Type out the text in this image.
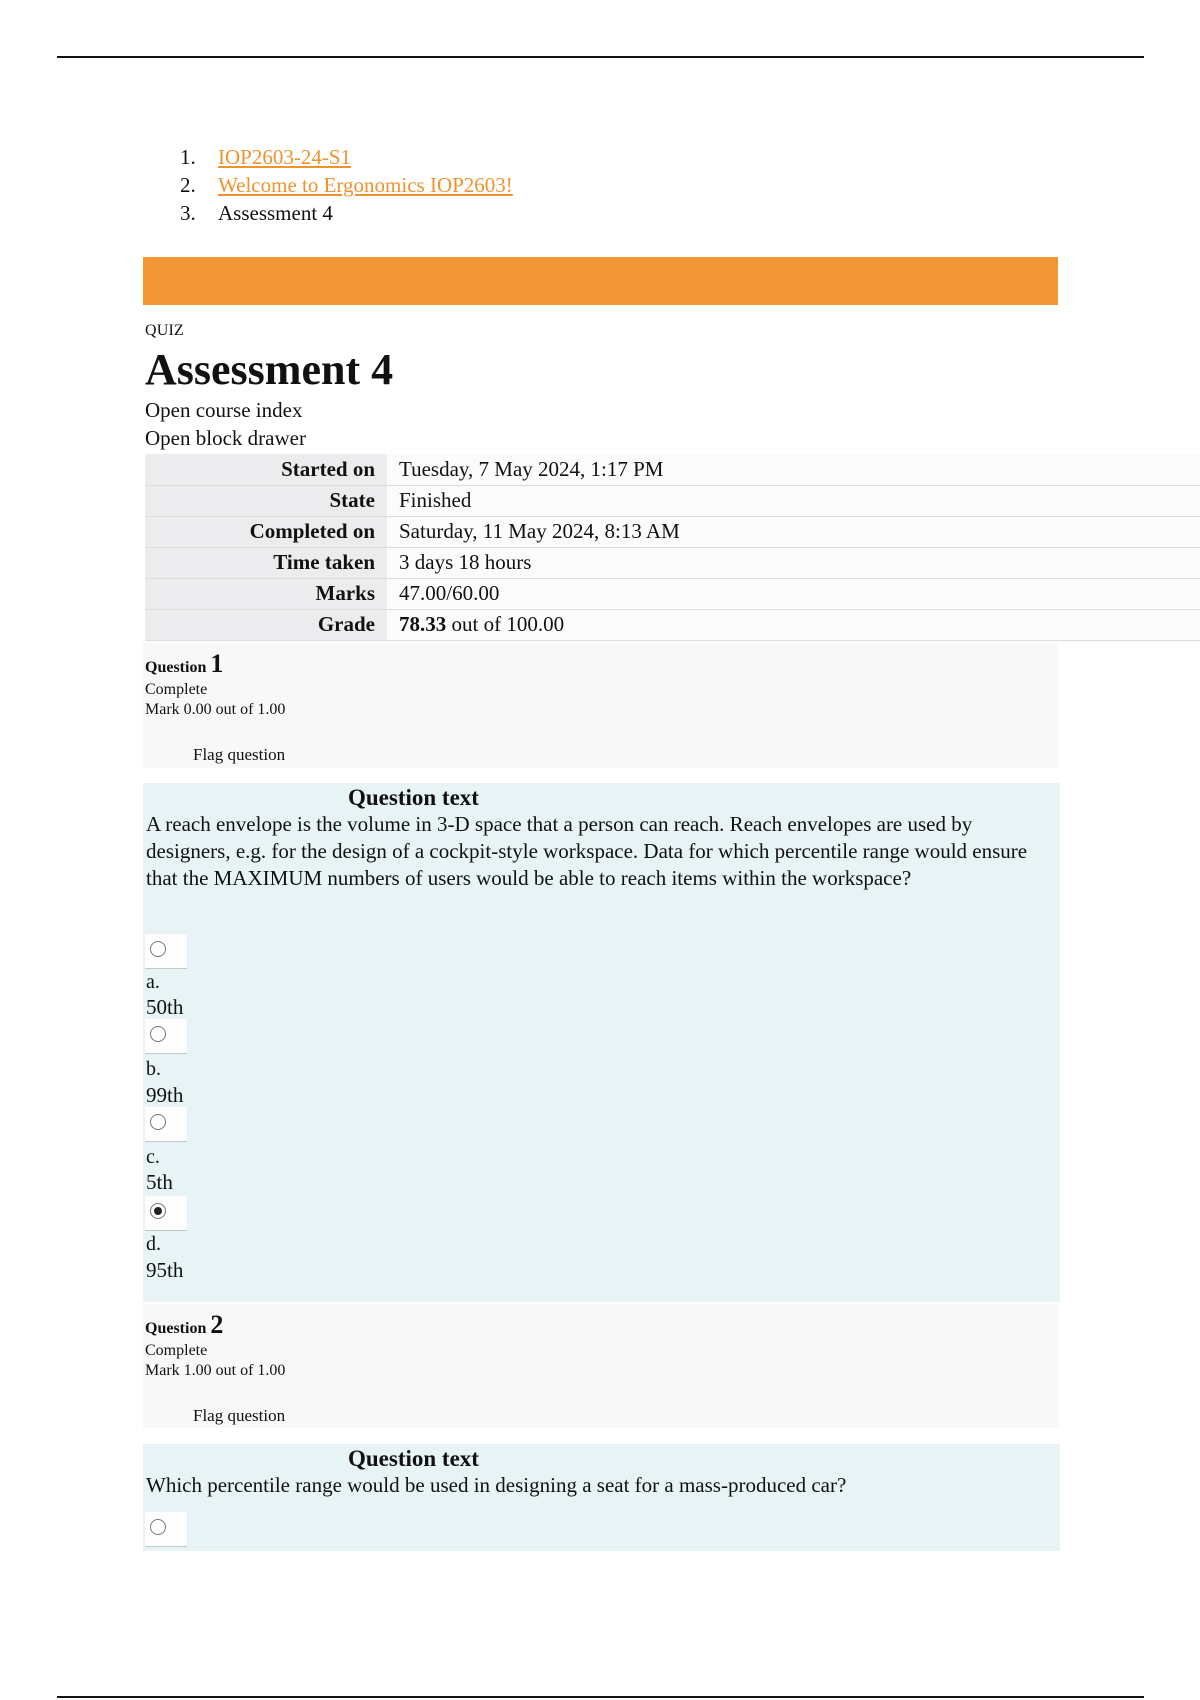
1.	IOP2603-24-S1
2.	Welcome to Ergonomics IOP2603!
3.	Assessment 4
QUIZ
Assessment 4
Open course index
Open block drawer
Started on	Tuesday, 7 May 2024, 1:17 PM
State	Finished
Completed on	Saturday, 11 May 2024, 8:13 AM
Time taken	3 days 18 hours
Marks	47.00/60.00
Grade	78.33 out of 100.00
Question 1
Complete
Mark 0.00 out of 1.00
Flag question
Question text
A reach envelope is the volume in 3-D space that a person can reach. Reach envelopes are used by designers, e.g. for the design of a cockpit-style workspace. Data for which percentile range would ensure that the MAXIMUM numbers of users would be able to reach items within the workspace?
a.
50th
b.
99th
c.
5th
d.
95th
Question 2
Complete
Mark 1.00 out of 1.00
Flag question
Question text
Which percentile range would be used in designing a seat for a mass-produced car?
